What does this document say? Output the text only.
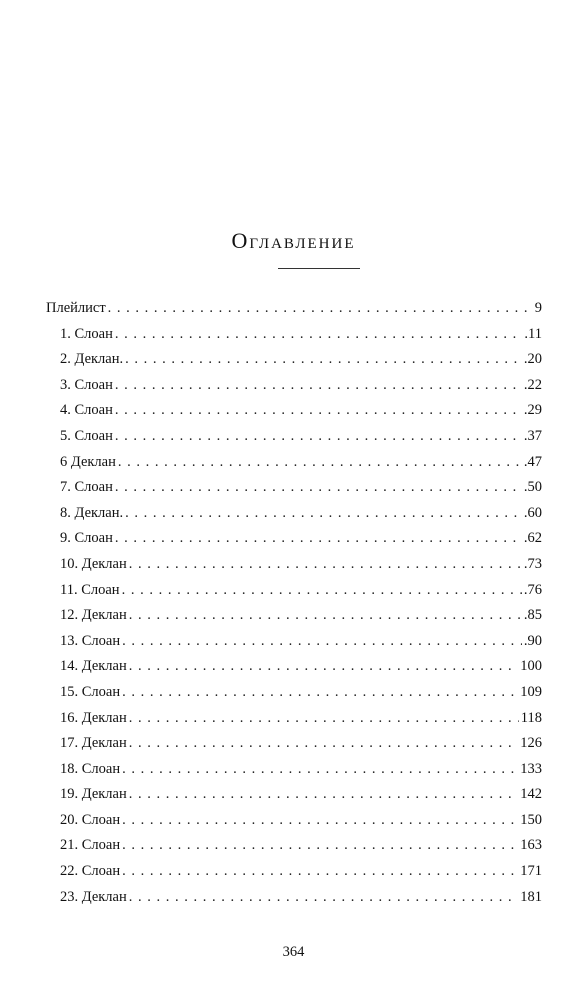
Оглавление
Плейлист . . .	9
1. Слоан . . .	.11
2. Деклан. . . .	.20
3. Слоан . . .	.22
4. Слоан . . .	.29
5. Слоан . . .	.37
6 Деклан . . .	.47
7. Слоан . . .	.50
8. Деклан. . . .	.60
9. Слоан . . .	.62
10. Деклан . . .	.73
11. Слоан . . .	.76
12. Деклан . . .	.85
13. Слоан . . .	.90
14. Деклан . . .	100
15. Слоан . . .	109
16. Деклан . . .	118
17. Деклан . . .	126
18. Слоан . . .	133
19. Деклан . . .	142
20. Слоан . . .	150
21. Слоан . . .	163
22. Слоан . . .	171
23. Деклан . . .	181
364
